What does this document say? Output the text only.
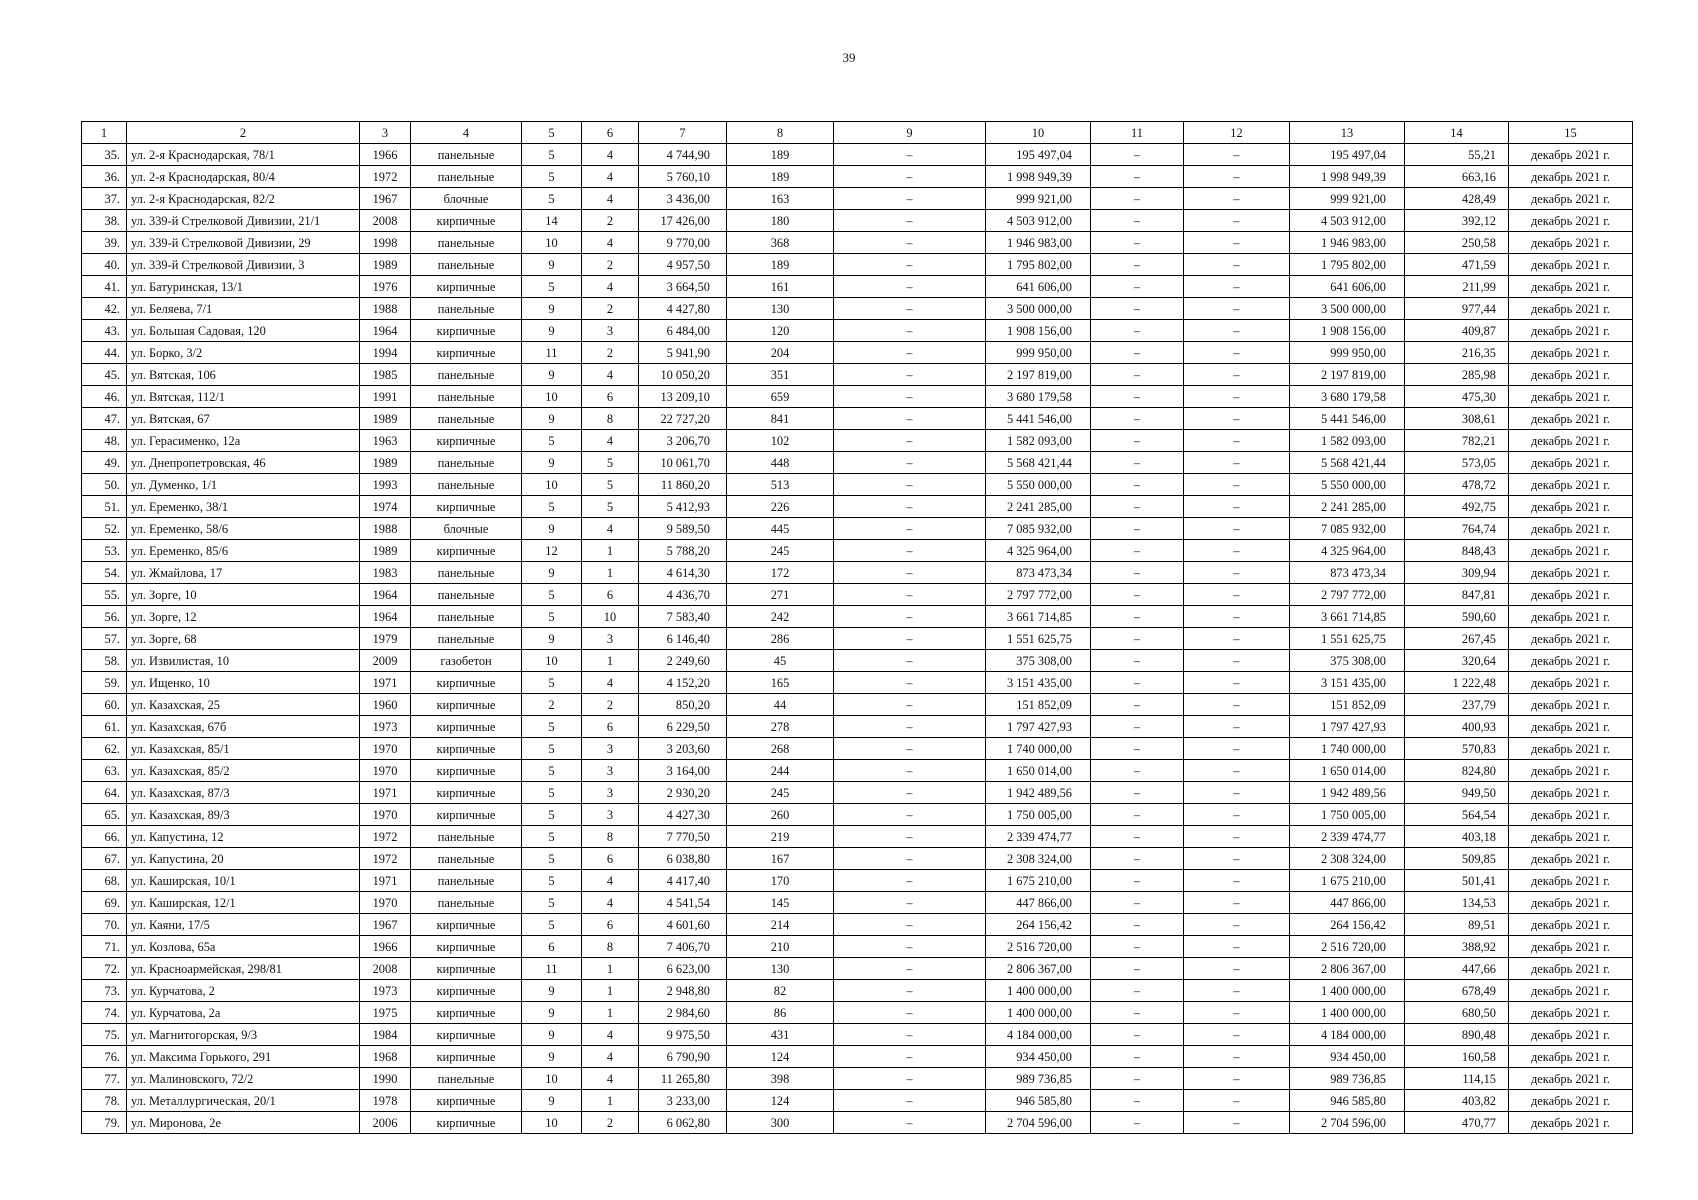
39
1	2	3	4	5	6	7	8	9	10	11	12	13	14	15
35.	ул. 2-я Краснодарская, 78/1	1966	панельные	5	4	4 744,90	189	–	195 497,04	–	–	195 497,04	55,21	декабрь 2021 г.
36.	ул. 2-я Краснодарская, 80/4	1972	панельные	5	4	5 760,10	189	–	1 998 949,39	–	–	1 998 949,39	663,16	декабрь 2021 г.
37.	ул. 2-я Краснодарская, 82/2	1967	блочные	5	4	3 436,00	163	–	999 921,00	–	–	999 921,00	428,49	декабрь 2021 г.
38.	ул. 339-й Стрелковой Дивизии, 21/1	2008	кирпичные	14	2	17 426,00	180	–	4 503 912,00	–	–	4 503 912,00	392,12	декабрь 2021 г.
39.	ул. 339-й Стрелковой Дивизии, 29	1998	панельные	10	4	9 770,00	368	–	1 946 983,00	–	–	1 946 983,00	250,58	декабрь 2021 г.
40.	ул. 339-й Стрелковой Дивизии, 3	1989	панельные	9	2	4 957,50	189	–	1 795 802,00	–	–	1 795 802,00	471,59	декабрь 2021 г.
41.	ул. Батуринская, 13/1	1976	кирпичные	5	4	3 664,50	161	–	641 606,00	–	–	641 606,00	211,99	декабрь 2021 г.
42.	ул. Беляева, 7/1	1988	панельные	9	2	4 427,80	130	–	3 500 000,00	–	–	3 500 000,00	977,44	декабрь 2021 г.
43.	ул. Большая Садовая, 120	1964	кирпичные	9	3	6 484,00	120	–	1 908 156,00	–	–	1 908 156,00	409,87	декабрь 2021 г.
44.	ул. Борко, 3/2	1994	кирпичные	11	2	5 941,90	204	–	999 950,00	–	–	999 950,00	216,35	декабрь 2021 г.
45.	ул. Вятская, 106	1985	панельные	9	4	10 050,20	351	–	2 197 819,00	–	–	2 197 819,00	285,98	декабрь 2021 г.
46.	ул. Вятская, 112/1	1991	панельные	10	6	13 209,10	659	–	3 680 179,58	–	–	3 680 179,58	475,30	декабрь 2021 г.
47.	ул. Вятская, 67	1989	панельные	9	8	22 727,20	841	–	5 441 546,00	–	–	5 441 546,00	308,61	декабрь 2021 г.
48.	ул. Герасименко, 12а	1963	кирпичные	5	4	3 206,70	102	–	1 582 093,00	–	–	1 582 093,00	782,21	декабрь 2021 г.
49.	ул. Днепропетровская, 46	1989	панельные	9	5	10 061,70	448	–	5 568 421,44	–	–	5 568 421,44	573,05	декабрь 2021 г.
50.	ул. Думенко, 1/1	1993	панельные	10	5	11 860,20	513	–	5 550 000,00	–	–	5 550 000,00	478,72	декабрь 2021 г.
51.	ул. Еременко, 38/1	1974	кирпичные	5	5	5 412,93	226	–	2 241 285,00	–	–	2 241 285,00	492,75	декабрь 2021 г.
52.	ул. Еременко, 58/6	1988	блочные	9	4	9 589,50	445	–	7 085 932,00	–	–	7 085 932,00	764,74	декабрь 2021 г.
53.	ул. Еременко, 85/6	1989	кирпичные	12	1	5 788,20	245	–	4 325 964,00	–	–	4 325 964,00	848,43	декабрь 2021 г.
54.	ул. Жмайлова, 17	1983	панельные	9	1	4 614,30	172	–	873 473,34	–	–	873 473,34	309,94	декабрь 2021 г.
55.	ул. Зорге, 10	1964	панельные	5	6	4 436,70	271	–	2 797 772,00	–	–	2 797 772,00	847,81	декабрь 2021 г.
56.	ул. Зорге, 12	1964	панельные	5	10	7 583,40	242	–	3 661 714,85	–	–	3 661 714,85	590,60	декабрь 2021 г.
57.	ул. Зорге, 68	1979	панельные	9	3	6 146,40	286	–	1 551 625,75	–	–	1 551 625,75	267,45	декабрь 2021 г.
58.	ул. Извилистая, 10	2009	газобетон	10	1	2 249,60	45	–	375 308,00	–	–	375 308,00	320,64	декабрь 2021 г.
59.	ул. Ищенко, 10	1971	кирпичные	5	4	4 152,20	165	–	3 151 435,00	–	–	3 151 435,00	1 222,48	декабрь 2021 г.
60.	ул. Казахская, 25	1960	кирпичные	2	2	850,20	44	–	151 852,09	–	–	151 852,09	237,79	декабрь 2021 г.
61.	ул. Казахская, 67б	1973	кирпичные	5	6	6 229,50	278	–	1 797 427,93	–	–	1 797 427,93	400,93	декабрь 2021 г.
62.	ул. Казахская, 85/1	1970	кирпичные	5	3	3 203,60	268	–	1 740 000,00	–	–	1 740 000,00	570,83	декабрь 2021 г.
63.	ул. Казахская, 85/2	1970	кирпичные	5	3	3 164,00	244	–	1 650 014,00	–	–	1 650 014,00	824,80	декабрь 2021 г.
64.	ул. Казахская, 87/3	1971	кирпичные	5	3	2 930,20	245	–	1 942 489,56	–	–	1 942 489,56	949,50	декабрь 2021 г.
65.	ул. Казахская, 89/3	1970	кирпичные	5	3	4 427,30	260	–	1 750 005,00	–	–	1 750 005,00	564,54	декабрь 2021 г.
66.	ул. Капустина, 12	1972	панельные	5	8	7 770,50	219	–	2 339 474,77	–	–	2 339 474,77	403,18	декабрь 2021 г.
67.	ул. Капустина, 20	1972	панельные	5	6	6 038,80	167	–	2 308 324,00	–	–	2 308 324,00	509,85	декабрь 2021 г.
68.	ул. Каширская, 10/1	1971	панельные	5	4	4 417,40	170	–	1 675 210,00	–	–	1 675 210,00	501,41	декабрь 2021 г.
69.	ул. Каширская, 12/1	1970	панельные	5	4	4 541,54	145	–	447 866,00	–	–	447 866,00	134,53	декабрь 2021 г.
70.	ул. Каяни, 17/5	1967	кирпичные	5	6	4 601,60	214	–	264 156,42	–	–	264 156,42	89,51	декабрь 2021 г.
71.	ул. Козлова, 65а	1966	кирпичные	6	8	7 406,70	210	–	2 516 720,00	–	–	2 516 720,00	388,92	декабрь 2021 г.
72.	ул. Красноармейская, 298/81	2008	кирпичные	11	1	6 623,00	130	–	2 806 367,00	–	–	2 806 367,00	447,66	декабрь 2021 г.
73.	ул. Курчатова, 2	1973	кирпичные	9	1	2 948,80	82	–	1 400 000,00	–	–	1 400 000,00	678,49	декабрь 2021 г.
74.	ул. Курчатова, 2а	1975	кирпичные	9	1	2 984,60	86	–	1 400 000,00	–	–	1 400 000,00	680,50	декабрь 2021 г.
75.	ул. Магнитогорская, 9/3	1984	кирпичные	9	4	9 975,50	431	–	4 184 000,00	–	–	4 184 000,00	890,48	декабрь 2021 г.
76.	ул. Максима Горького, 291	1968	кирпичные	9	4	6 790,90	124	–	934 450,00	–	–	934 450,00	160,58	декабрь 2021 г.
77.	ул. Малиновского, 72/2	1990	панельные	10	4	11 265,80	398	–	989 736,85	–	–	989 736,85	114,15	декабрь 2021 г.
78.	ул. Металлургическая, 20/1	1978	кирпичные	9	1	3 233,00	124	–	946 585,80	–	–	946 585,80	403,82	декабрь 2021 г.
79.	ул. Миронова, 2е	2006	кирпичные	10	2	6 062,80	300	–	2 704 596,00	–	–	2 704 596,00	470,77	декабрь 2021 г.
